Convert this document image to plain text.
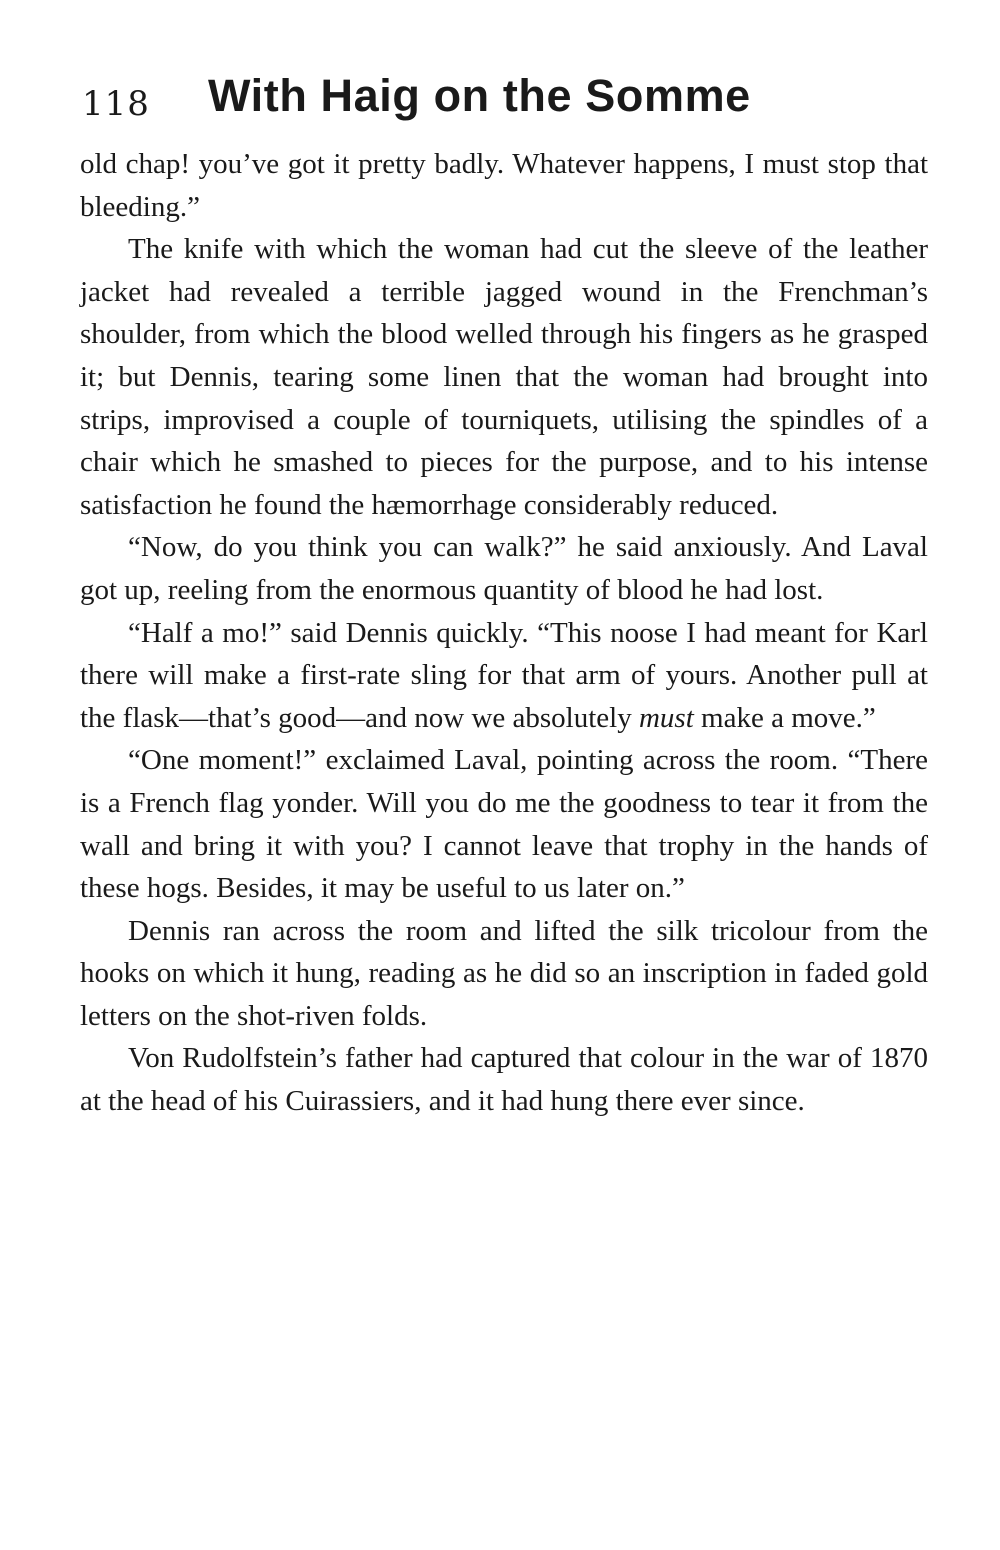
118 With Haig on the Somme

old chap! you’ve got it pretty badly. Whatever happens, I must stop that bleeding.”

The knife with which the woman had cut the sleeve of the leather jacket had revealed a terrible jagged wound in the Frenchman’s shoulder, from which the blood welled through his fingers as he grasped it; but Dennis, tearing some linen that the woman had brought into strips, improvised a couple of tourniquets, utilising the spindles of a chair which he smashed to pieces for the purpose, and to his intense satisfaction he found the hæmorrhage considerably reduced.

“Now, do you think you can walk?” he said anxiously. And Laval got up, reeling from the enormous quantity of blood he had lost.

“Half a mo!” said Dennis quickly. “This noose I had meant for Karl there will make a first-rate sling for that arm of yours. Another pull at the flask—that’s good—and now we absolutely must make a move.”

“One moment!” exclaimed Laval, pointing across the room. “There is a French flag yonder. Will you do me the goodness to tear it from the wall and bring it with you? I cannot leave that trophy in the hands of these hogs. Besides, it may be useful to us later on.”

Dennis ran across the room and lifted the silk tricolour from the hooks on which it hung, reading as he did so an inscription in faded gold letters on the shot-riven folds.

Von Rudolfstein’s father had captured that colour in the war of 1870 at the head of his Cuirassiers, and it had hung there ever since.
